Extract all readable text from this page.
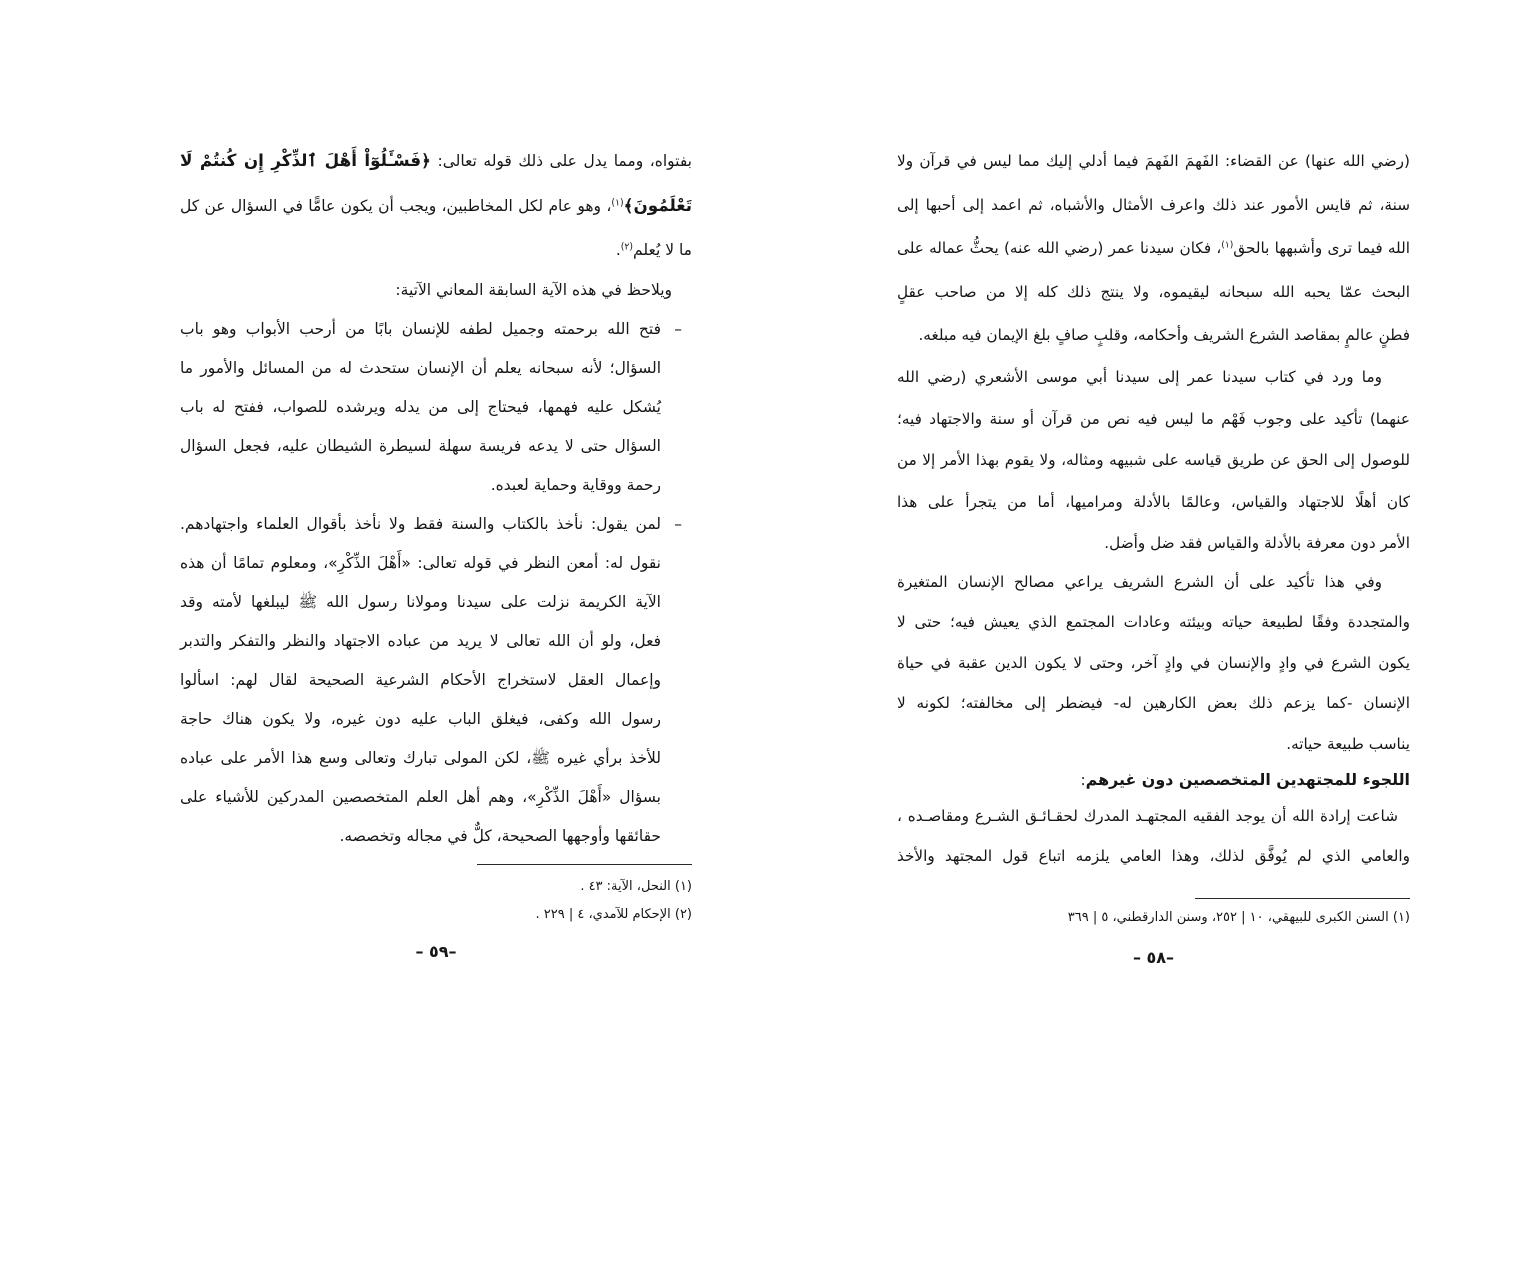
(رضي الله عنها) عن القضاء: الفَهمَ الفَهمَ فيما أدلي إليك مما ليس في قرآن ولا
سنة، ثم قايس الأمور عند ذلك واعرف الأمثال والأشباه، ثم اعمد إلى أحبها إلى
الله فيما ترى وأشبهها بالحق$^{(١)}$، فكان سيدنا عمر (رضي الله عنه) يحثُّ عماله على
البحث عمّا يحبه الله سبحانه ليقيموه، ولا ينتج ذلك كله إلا من صاحب عقلٍ
فطنٍ عالمٍ بمقاصد الشرع الشريف وأحكامه، وقلبٍ صافٍ بلغ الإيمان فيه مبلغه.
وما ورد في كتاب سيدنا عمر إلى سيدنا أبي موسى الأشعري (رضي الله
عنهما) تأكيد على وجوب فَهْم ما ليس فيه نص من قرآن أو سنة والاجتهاد فيه؛
للوصول إلى الحق عن طريق قياسه على شبيهه ومثاله، ولا يقوم بهذا الأمر إلا من
كان أهلًا للاجتهاد والقياس، وعالمًا بالأدلة ومراميها، أما من يتجرأ على هذا
الأمر دون معرفة بالأدلة والقياس فقد ضل وأضل.
وفي هذا تأكيد على أن الشرع الشريف يراعي مصالح الإنسان المتغيرة
والمتجددة وفقًا لطبيعة حياته وبيئته وعادات المجتمع الذي يعيش فيه؛ حتى لا
يكون الشرع في وادٍ والإنسان في وادٍ آخر، وحتى لا يكون الدين عقبة في حياة
الإنسان -كما يزعم ذلك بعض الكارهين له- فيضطر إلى مخالفته؛ لكونه لا
يناسب طبيعة حياته.
اللجوء للمجتهدين المتخصصين دون غيرهم:
شاعت إرادة الله أن يوجد الفقيه المجتهـد المدرك لحقـائـق الشـرع ومقاصـده ،
والعامي الذي لم يُوفَّق لذلك، وهذا العامي يلزمه اتباع قول المجتهد والأخذ
(١) السنن الكبرى للبيهقي، ١٠ | ٢٥٢، وسنن الدارقطني، ٥ | ٣٦٩
–٥٨ –
بفتواه، ومما يدل على ذلك قوله تعالى: ﴿فَسْـَٔلُوٓاْ أَهْلَ ٱلذِّكْرِ إِن كُنتُمْ لَا
تَعْلَمُونَ﴾$^{(١)}$، وهو عام لكل المخاطبين، ويجب أن يكون عامًّا في السؤال عن كل
ما لا يُعلم$^{(٢)}$.
ويلاحظ في هذه الآية السابقة المعاني الآتية:
–
فتح الله برحمته وجميل لطفه للإنسان بابًا من أرحب الأبواب وهو باب
السؤال؛ لأنه سبحانه يعلم أن الإنسان ستحدث له من المسائل والأمور ما
يُشكل عليه فهمها، فيحتاج إلى من يدله ويرشده للصواب، ففتح له باب
السؤال حتى لا يدعه فريسة سهلة لسيطرة الشيطان عليه، فجعل السؤال
رحمة ووقاية وحماية لعبده.
–
لمن يقول: نأخذ بالكتاب والسنة فقط ولا نأخذ بأقوال العلماء واجتهادهم.
نقول له: أمعن النظر في قوله تعالى: «أَهْلَ الذِّكْرِ»، ومعلوم تمامًا أن هذه
الآية الكريمة نزلت على سيدنا ومولانا رسول الله ﷺ ليبلغها لأمته وقد
فعل، ولو أن الله تعالى لا يريد من عباده الاجتهاد والنظر والتفكر والتدبر
وإعمال العقل لاستخراج الأحكام الشرعية الصحيحة لقال لهم: اسألوا
رسول الله وكفى، فيغلق الباب عليه دون غيره، ولا يكون هناك حاجة
للأخذ برأي غيره ﷺ، لكن المولى تبارك وتعالى وسع هذا الأمر على عباده
بسؤال «أَهْلَ الذِّكْرِ»، وهم أهل العلم المتخصصين المدركين للأشياء على
حقائقها وأوجهها الصحيحة، كلٌّ في مجاله وتخصصه.
(١) النحل، الآية: ٤٣ .
(٢) الإحكام للآمدي، ٤ | ٢٢٩ .
–٥٩ –
